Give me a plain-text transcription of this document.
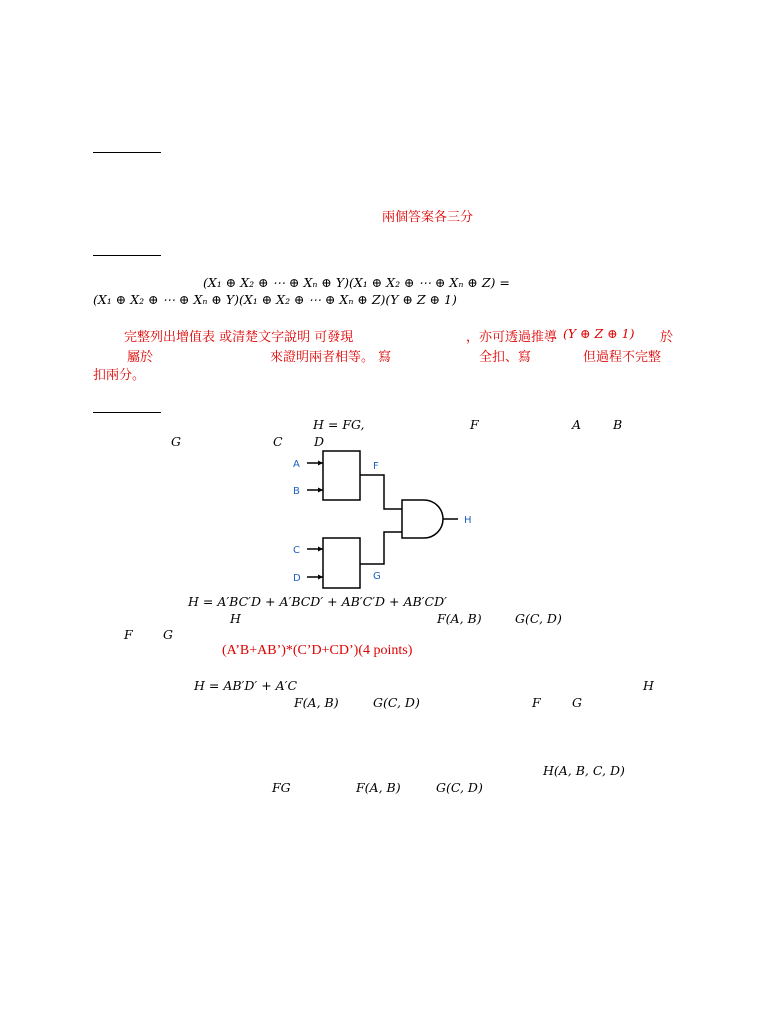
兩個答案各三分
(X₁ ⊕ X₂ ⊕ ⋯ ⊕ Xₙ ⊕ Y)(X₁ ⊕ X₂ ⊕ ⋯ ⊕ Xₙ ⊕ Z) =
(X₁ ⊕ X₂ ⊕ ⋯ ⊕ Xₙ ⊕ Y)(X₁ ⊕ X₂ ⊕ ⋯ ⊕ Xₙ ⊕ Z)(Y ⊕ Z ⊕ 1)
完整列出增值表 或清楚文字說明 可發現	，亦可透過推導 (Y ⊕ Z ⊕ 1) 於
屬於	來證明兩者相等。 寫	全扣、寫	但過程不完整
扣兩分。
H = FG,	F	A	B
G	C	D
A
B
C
D
F
G
H
H = A′BC′D + A′BCD′ + AB′C′D + AB′CD′
H	F(A, B)	G(C, D)
F G
(A’B+AB’)*(C’D+CD’)(4 points)
H = AB′D′ + A′C	H
F(A, B)	G(C, D)	F	G
H(A, B, C, D)
FG	F(A, B)	G(C, D)
